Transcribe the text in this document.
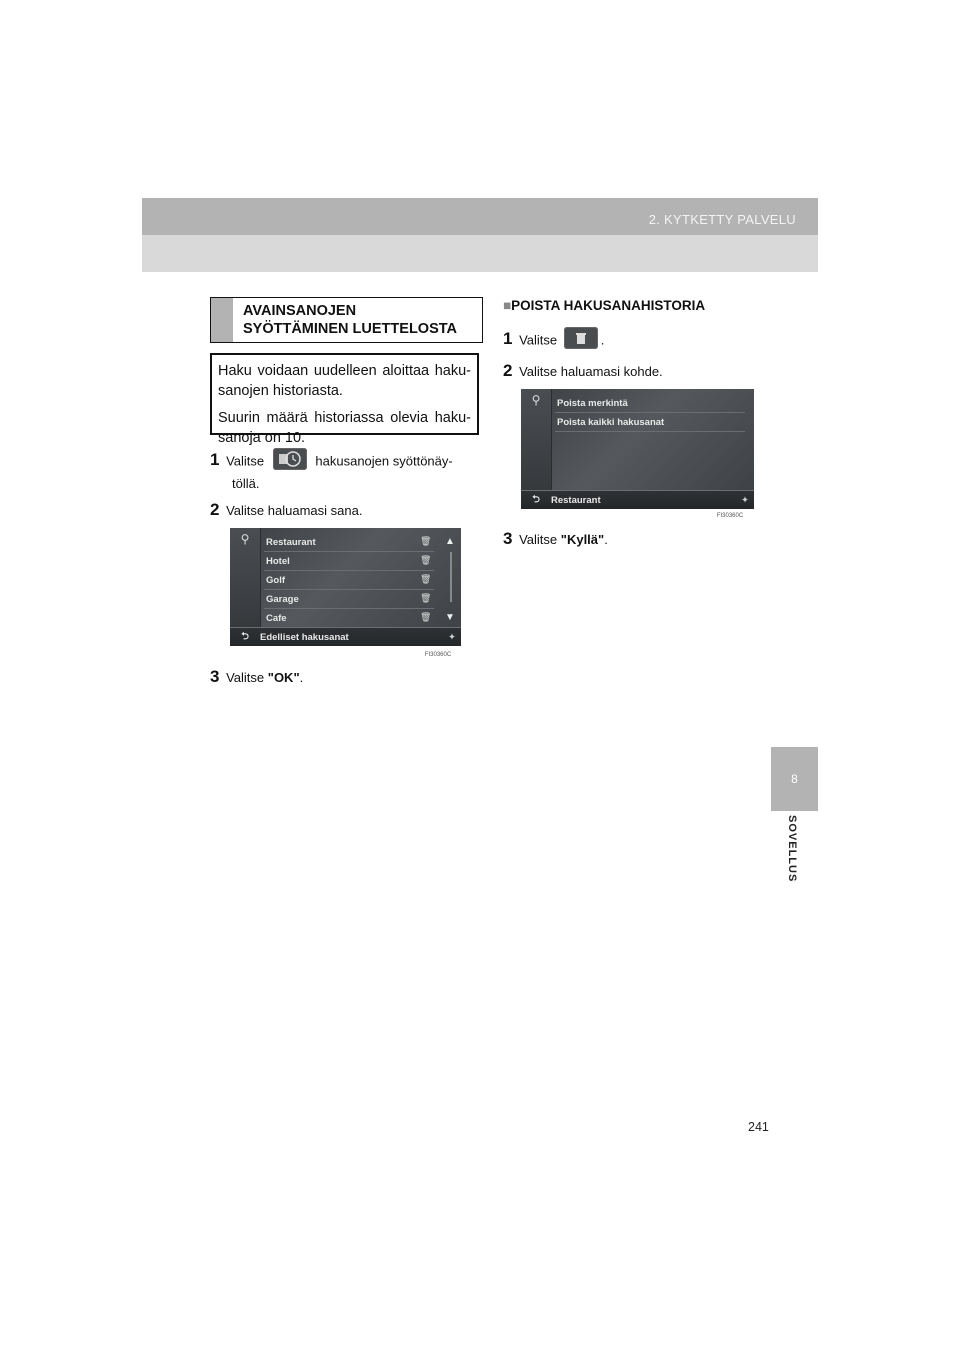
2. KYTKETTY PALVELU
8
SOVELLUS
AVAINSANOJEN
SYÖTTÄMINEN LUETTELOSTA

Haku voidaan uudelleen aloittaa haku-sanojen historiasta.

Suurin määrä historiassa olevia haku-sanoja on 10.

1 Valitse	hakusanojen syöttönäy-
töllä.
2 Valitse haluamasi sana.
⚲	Restaurant
Hotel
Golf
Garage
Cafe
🗑
🗑
🗑
🗑
🗑
▲
▼
⮌	Edelliset hakusanat	✦
FI30360C
3 Valitse "OK".
■POISTA HAKUSANAHISTORIA
1 Valitse	.
2 Valitse haluamasi kohde.
⚲	Poista merkintä
Poista kaikki hakusanat
⮌	Restaurant	✦
FI30360C
3 Valitse "Kyllä".
241
